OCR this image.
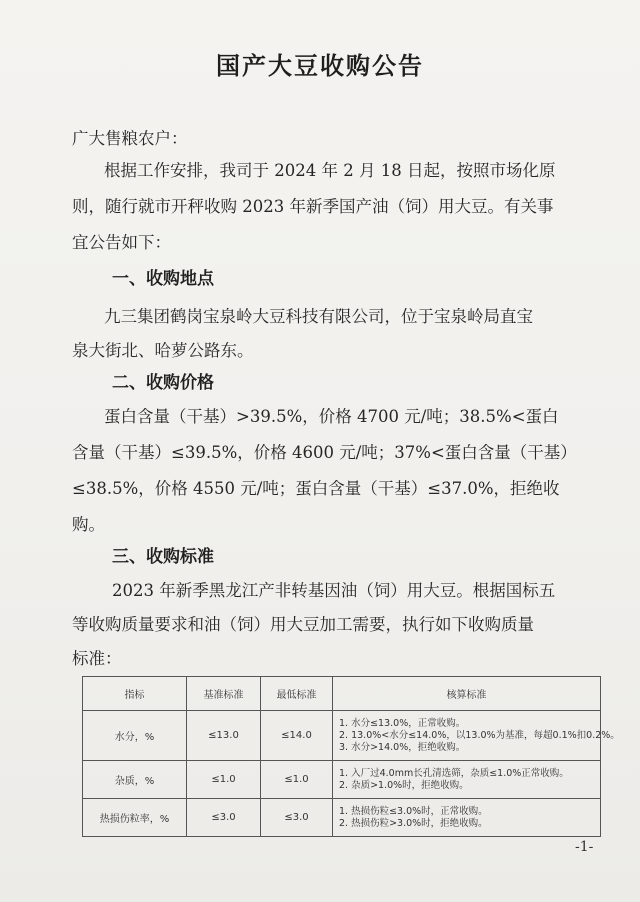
国产大豆收购公告
广大售粮农户：
根据工作安排，我司于 2024 年 2 月 18 日起，按照市场化原
则，随行就市开秤收购 2023 年新季国产油（饲）用大豆。有关事
宜公告如下：
一、收购地点
九三集团鹤岗宝泉岭大豆科技有限公司，位于宝泉岭局直宝
泉大街北、哈萝公路东。
二、收购价格
蛋白含量（干基）>39.5%，价格 4700 元/吨；38.5%<蛋白
含量（干基）≤39.5%，价格 4600 元/吨；37%<蛋白含量（干基）
≤38.5%，价格 4550 元/吨；蛋白含量（干基）≤37.0%，拒绝收
购。
三、收购标准
2023 年新季黑龙江产非转基因油（饲）用大豆。根据国标五
等收购质量要求和油（饲）用大豆加工需要，执行如下收购质量
标准：
指标	基准标准	最低标准	核算标准
水分，%	≤13.0	≤14.0	1. 水分≤13.0%，正常收购。
2. 13.0%<水分≤14.0%，以13.0%为基准，每超0.1%扣0.2%。
3. 水分>14.0%，拒绝收购。

杂质，%	≤1.0	≤1.0	1. 入厂过4.0mm长孔清选筛，杂质≤1.0%正常收购。
2. 杂质>1.0%时，拒绝收购。

热损伤粒率，%	≤3.0	≤3.0	1. 热损伤粒≤3.0%时，正常收购。
2. 热损伤粒>3.0%时，拒绝收购。
-1-
